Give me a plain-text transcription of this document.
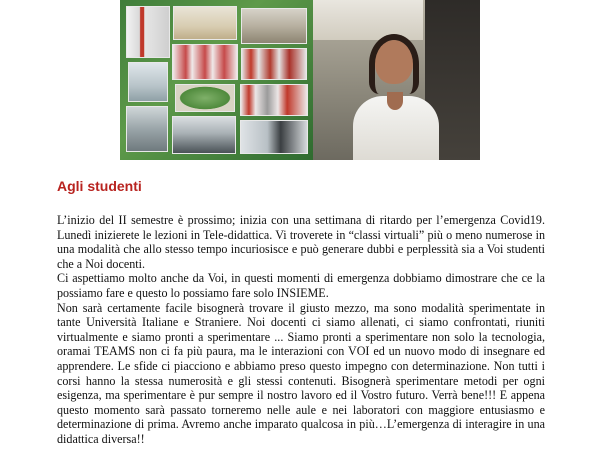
Agli studenti

L’inizio del II semestre è prossimo; inizia con una settimana di ritardo per l’emergenza Covid19. Lunedì inizierete le lezioni in Tele-didattica. Vi troverete in “classi virtuali” più o meno numerose in una modalità che allo stesso tempo incuriosisce e può generare dubbi e perplessità sia a Voi studenti che a Noi docenti.

Ci aspettiamo molto anche da Voi, in questi momenti di emergenza dobbiamo dimostrare che ce la possiamo fare e questo lo possiamo fare solo INSIEME.

Non sarà certamente facile bisognerà trovare il giusto mezzo, ma sono modalità sperimentate in tante Università Italiane e Straniere. Noi docenti ci siamo allenati, ci siamo confrontati, riuniti virtualmente e siamo pronti a sperimentare ... Siamo pronti a sperimentare non solo la tecnologia, oramai TEAMS non ci fa più paura, ma le interazioni con VOI ed un nuovo modo di insegnare ed apprendere. Le sfide ci piacciono e abbiamo preso questo impegno con determinazione. Non tutti i corsi hanno la stessa numerosità e gli stessi contenuti. Bisognerà sperimentare metodi per ogni esigenza, ma sperimentare è pur sempre il nostro lavoro ed il Vostro futuro. Verrà bene!!! E appena questo momento sarà passato torneremo nelle aule e nei laboratori con maggiore entusiasmo e determinazione di prima. Avremo anche imparato qualcosa in più…L’emergenza di interagire in una didattica diversa!!
